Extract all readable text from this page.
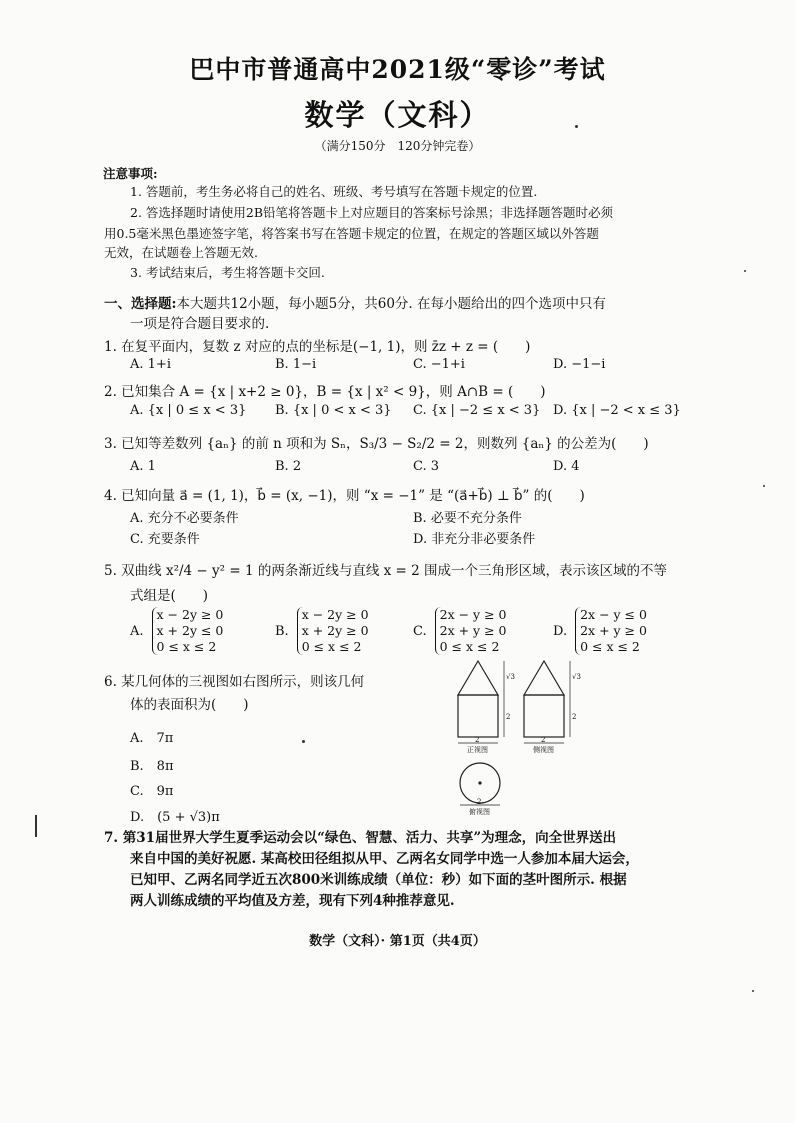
巴中市普通高中2021级“零诊”考试
数学（文科）
（满分150分　120分钟完卷）
注意事项:
1. 答题前，考生务必将自己的姓名、班级、考号填写在答题卡规定的位置.
2. 答选择题时请使用2B铅笔将答题卡上对应题目的答案标号涂黑；非选择题答题时必须
用0.5毫米黑色墨迹签字笔，将答案书写在答题卡规定的位置，在规定的答题区域以外答题
无效，在试题卷上答题无效.
3. 考试结束后，考生将答题卡交回.
一、选择题:本大题共12小题，每小题5分，共60分. 在每小题给出的四个选项中只有
一项是符合题目要求的.
1. 在复平面内，复数 z 对应的点的坐标是(−1, 1)，则 z̄z + z = (　　)
A. 1+i	B. 1−i	C. −1+i	D. −1−i
2. 已知集合 A = {x | x+2 ≥ 0}，B = {x | x² < 9}，则 A∩B = (　　)
A. {x | 0 ≤ x < 3} B. {x | 0 < x < 3} C. {x | −2 ≤ x < 3} D. {x | −2 < x ≤ 3}
3. 已知等差数列 {aₙ} 的前 n 项和为 Sₙ，S₃/3 − S₂/2 = 2，则数列 {aₙ} 的公差为(　　)
A. 1	B. 2	C. 3	D. 4
4. 已知向量 a⃗ = (1, 1)，b⃗ = (x, −1)，则 “x = −1” 是 “(a⃗+b⃗) ⊥ b⃗” 的(　　)
A. 充分不必要条件	B. 必要不充分条件
C. 充要条件	D. 非充分非必要条件
5. 双曲线 x²/4 − y² = 1 的两条渐近线与直线 x = 2 围成一个三角形区域，表示该区域的不等
式组是(　　)
A.x − 2y ≥ 0
x + 2y ≤ 0
0 ≤ x ≤ 2
B.x − 2y ≥ 0
x + 2y ≥ 0
0 ≤ x ≤ 2
C.2x − y ≥ 0
2x + y ≥ 0
0 ≤ x ≤ 2
D.2x − y ≤ 0
2x + y ≥ 0
0 ≤ x ≤ 2
6. 某几何体的三视图如右图所示，则该几何
体的表面积为(　　)
A.　7π
B.　8π
C.　9π
D.　(5 + √3)π
√3
2
√3
2
2	2
2
正视图	侧视图
俯视图
7. 第31届世界大学生夏季运动会以“绿色、智慧、活力、共享”为理念，向全世界送出
来自中国的美好祝愿. 某高校田径组拟从甲、乙两名女同学中选一人参加本届大运会，
已知甲、乙两名同学近五次800米训练成绩（单位：秒）如下面的茎叶图所示. 根据
两人训练成绩的平均值及方差，现有下列4种推荐意见.
数学（文科）· 第1页（共4页）
